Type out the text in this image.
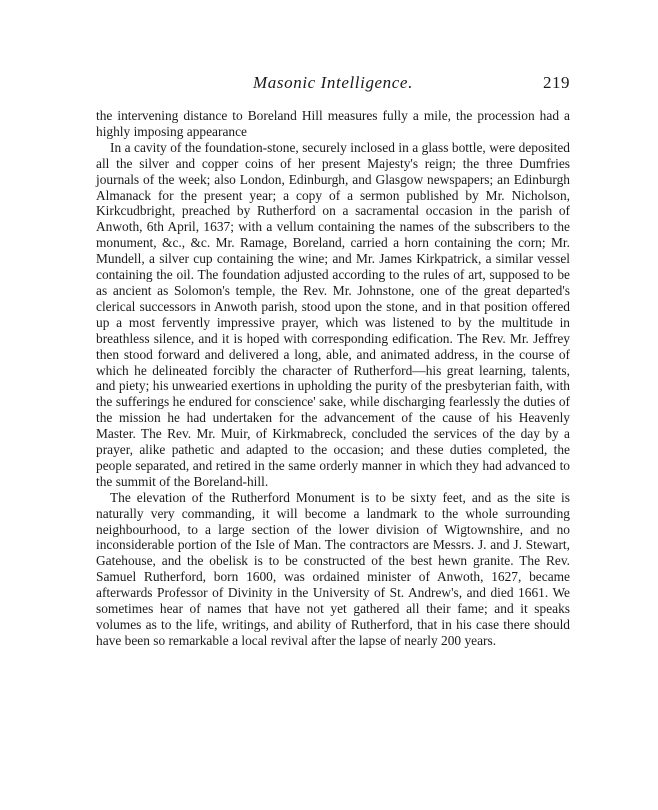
Masonic Intelligence.	219

the intervening distance to Boreland Hill measures fully a mile, the procession had a highly imposing appearance

In a cavity of the foundation-stone, securely inclosed in a glass bottle, were deposited all the silver and copper coins of her present Majesty's reign; the three Dumfries journals of the week; also London, Edinburgh, and Glasgow newspapers; an Edinburgh Almanack for the present year; a copy of a sermon published by Mr. Nicholson, Kirkcudbright, preached by Rutherford on a sacramental occasion in the parish of Anwoth, 6th April, 1637; with a vellum containing the names of the subscribers to the monument, &c., &c. Mr. Ramage, Boreland, carried a horn containing the corn; Mr. Mundell, a silver cup containing the wine; and Mr. James Kirkpatrick, a similar vessel containing the oil. The foundation adjusted according to the rules of art, supposed to be as ancient as Solomon's temple, the Rev. Mr. Johnstone, one of the great departed's clerical successors in Anwoth parish, stood upon the stone, and in that position offered up a most fervently impressive prayer, which was listened to by the multitude in breathless silence, and it is hoped with corresponding edification. The Rev. Mr. Jeffrey then stood forward and delivered a long, able, and animated address, in the course of which he delineated forcibly the character of Rutherford—his great learning, talents, and piety; his unwearied exertions in upholding the purity of the presbyterian faith, with the sufferings he endured for conscience' sake, while discharging fearlessly the duties of the mission he had undertaken for the advancement of the cause of his Heavenly Master. The Rev. Mr. Muir, of Kirkmabreck, concluded the services of the day by a prayer, alike pathetic and adapted to the occasion; and these duties completed, the people separated, and retired in the same orderly manner in which they had advanced to the summit of the Boreland-hill.

The elevation of the Rutherford Monument is to be sixty feet, and as the site is naturally very commanding, it will become a landmark to the whole surrounding neighbourhood, to a large section of the lower division of Wigtownshire, and no inconsiderable portion of the Isle of Man. The contractors are Messrs. J. and J. Stewart, Gatehouse, and the obelisk is to be constructed of the best hewn granite. The Rev. Samuel Rutherford, born 1600, was ordained minister of Anwoth, 1627, became afterwards Professor of Divinity in the University of St. Andrew's, and died 1661. We sometimes hear of names that have not yet gathered all their fame; and it speaks volumes as to the life, writings, and ability of Rutherford, that in his case there should have been so remarkable a local revival after the lapse of nearly 200 years.
